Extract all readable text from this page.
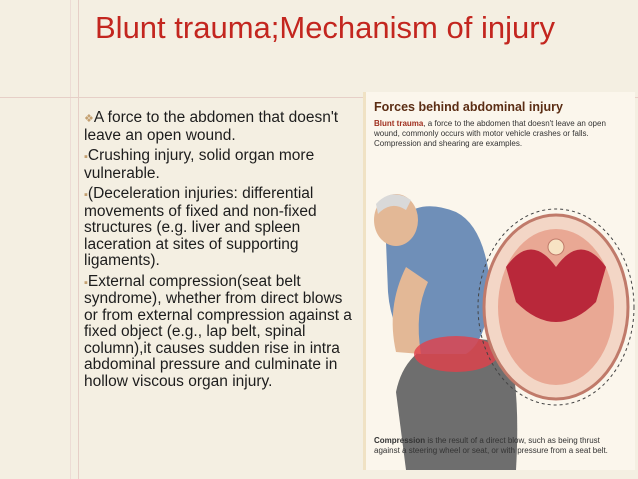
Blunt trauma;Mechanism of injury
❖A force to the abdomen that doesn't leave an open wound.
▪Crushing injury, solid organ more vulnerable.
▪(Deceleration injuries: differential movements of fixed and non-fixed structures (e.g. liver and spleen laceration at sites of supporting ligaments).
▪External compression(seat belt syndrome), whether from direct blows or from external compression against a fixed object (e.g., lap belt, spinal column),it causes sudden rise in intra abdominal pressure and culminate in hollow viscous organ injury.
Forces behind abdominal injury
Blunt trauma, a force to the abdomen that doesn't leave an open wound, commonly occurs with motor vehicle crashes or falls. Compression and shearing are examples.
Compression is the result of a direct blow, such as being thrust against a steering wheel or seat, or with pressure from a seat belt.
